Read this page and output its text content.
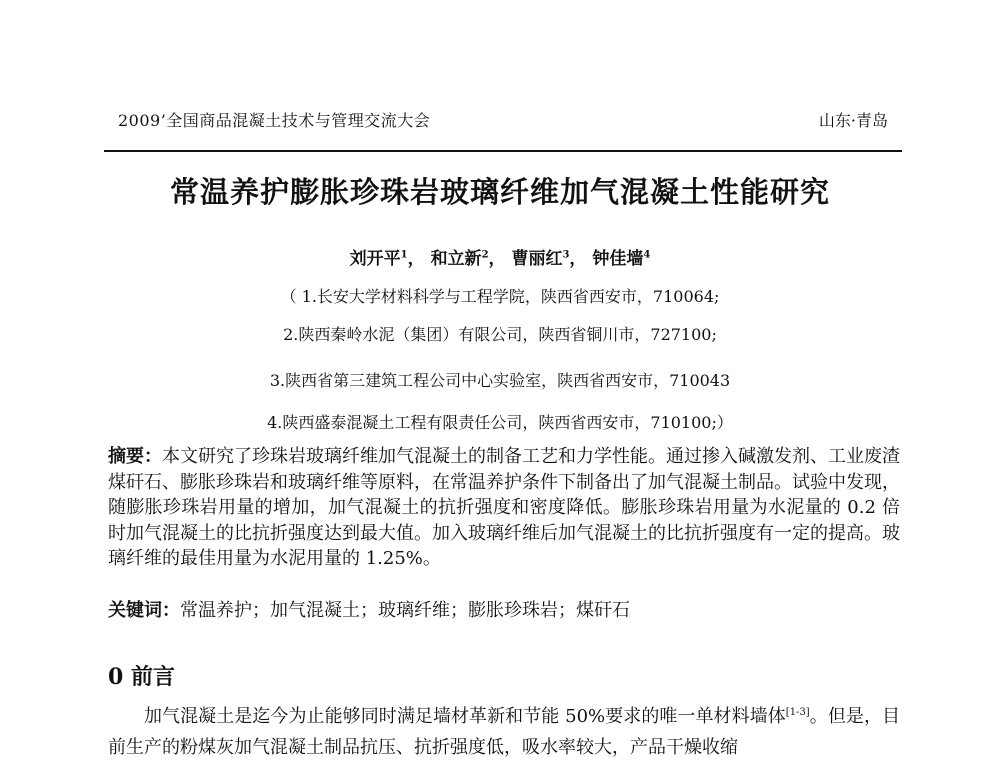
2009’全国商品混凝土技术与管理交流大会	山东·青岛
常温养护膨胀珍珠岩玻璃纤维加气混凝土性能研究
刘开平$^1$， 和立新$^2$， 曹丽红$^3$， 钟佳墙$^4$
（ 1.长安大学材料科学与工程学院，陕西省西安市，710064;
2.陕西秦岭水泥（集团）有限公司，陕西省铜川市，727100;
3.陕西省第三建筑工程公司中心实验室，陕西省西安市，710043
4.陕西盛泰混凝土工程有限责任公司，陕西省西安市，710100;）
摘要：本文研究了珍珠岩玻璃纤维加气混凝土的制备工艺和力学性能。通过掺入碱激发剂、工业废渣煤矸石、膨胀珍珠岩和玻璃纤维等原料，在常温养护条件下制备出了加气混凝土制品。试验中发现，随膨胀珍珠岩用量的增加，加气混凝土的抗折强度和密度降低。膨胀珍珠岩用量为水泥量的 0.2 倍时加气混凝土的比抗折强度达到最大值。加入玻璃纤维后加气混凝土的比抗折强度有一定的提高。玻璃纤维的最佳用量为水泥用量的 1.25%。
关键词：常温养护；加气混凝土；玻璃纤维；膨胀珍珠岩；煤矸石
0 前言
加气混凝土是迄今为止能够同时满足墙材革新和节能 50%要求的唯一单材料墙体[1-3]。但是，目前生产的粉煤灰加气混凝土制品抗压、抗折强度低，吸水率较大，产品干燥收缩
